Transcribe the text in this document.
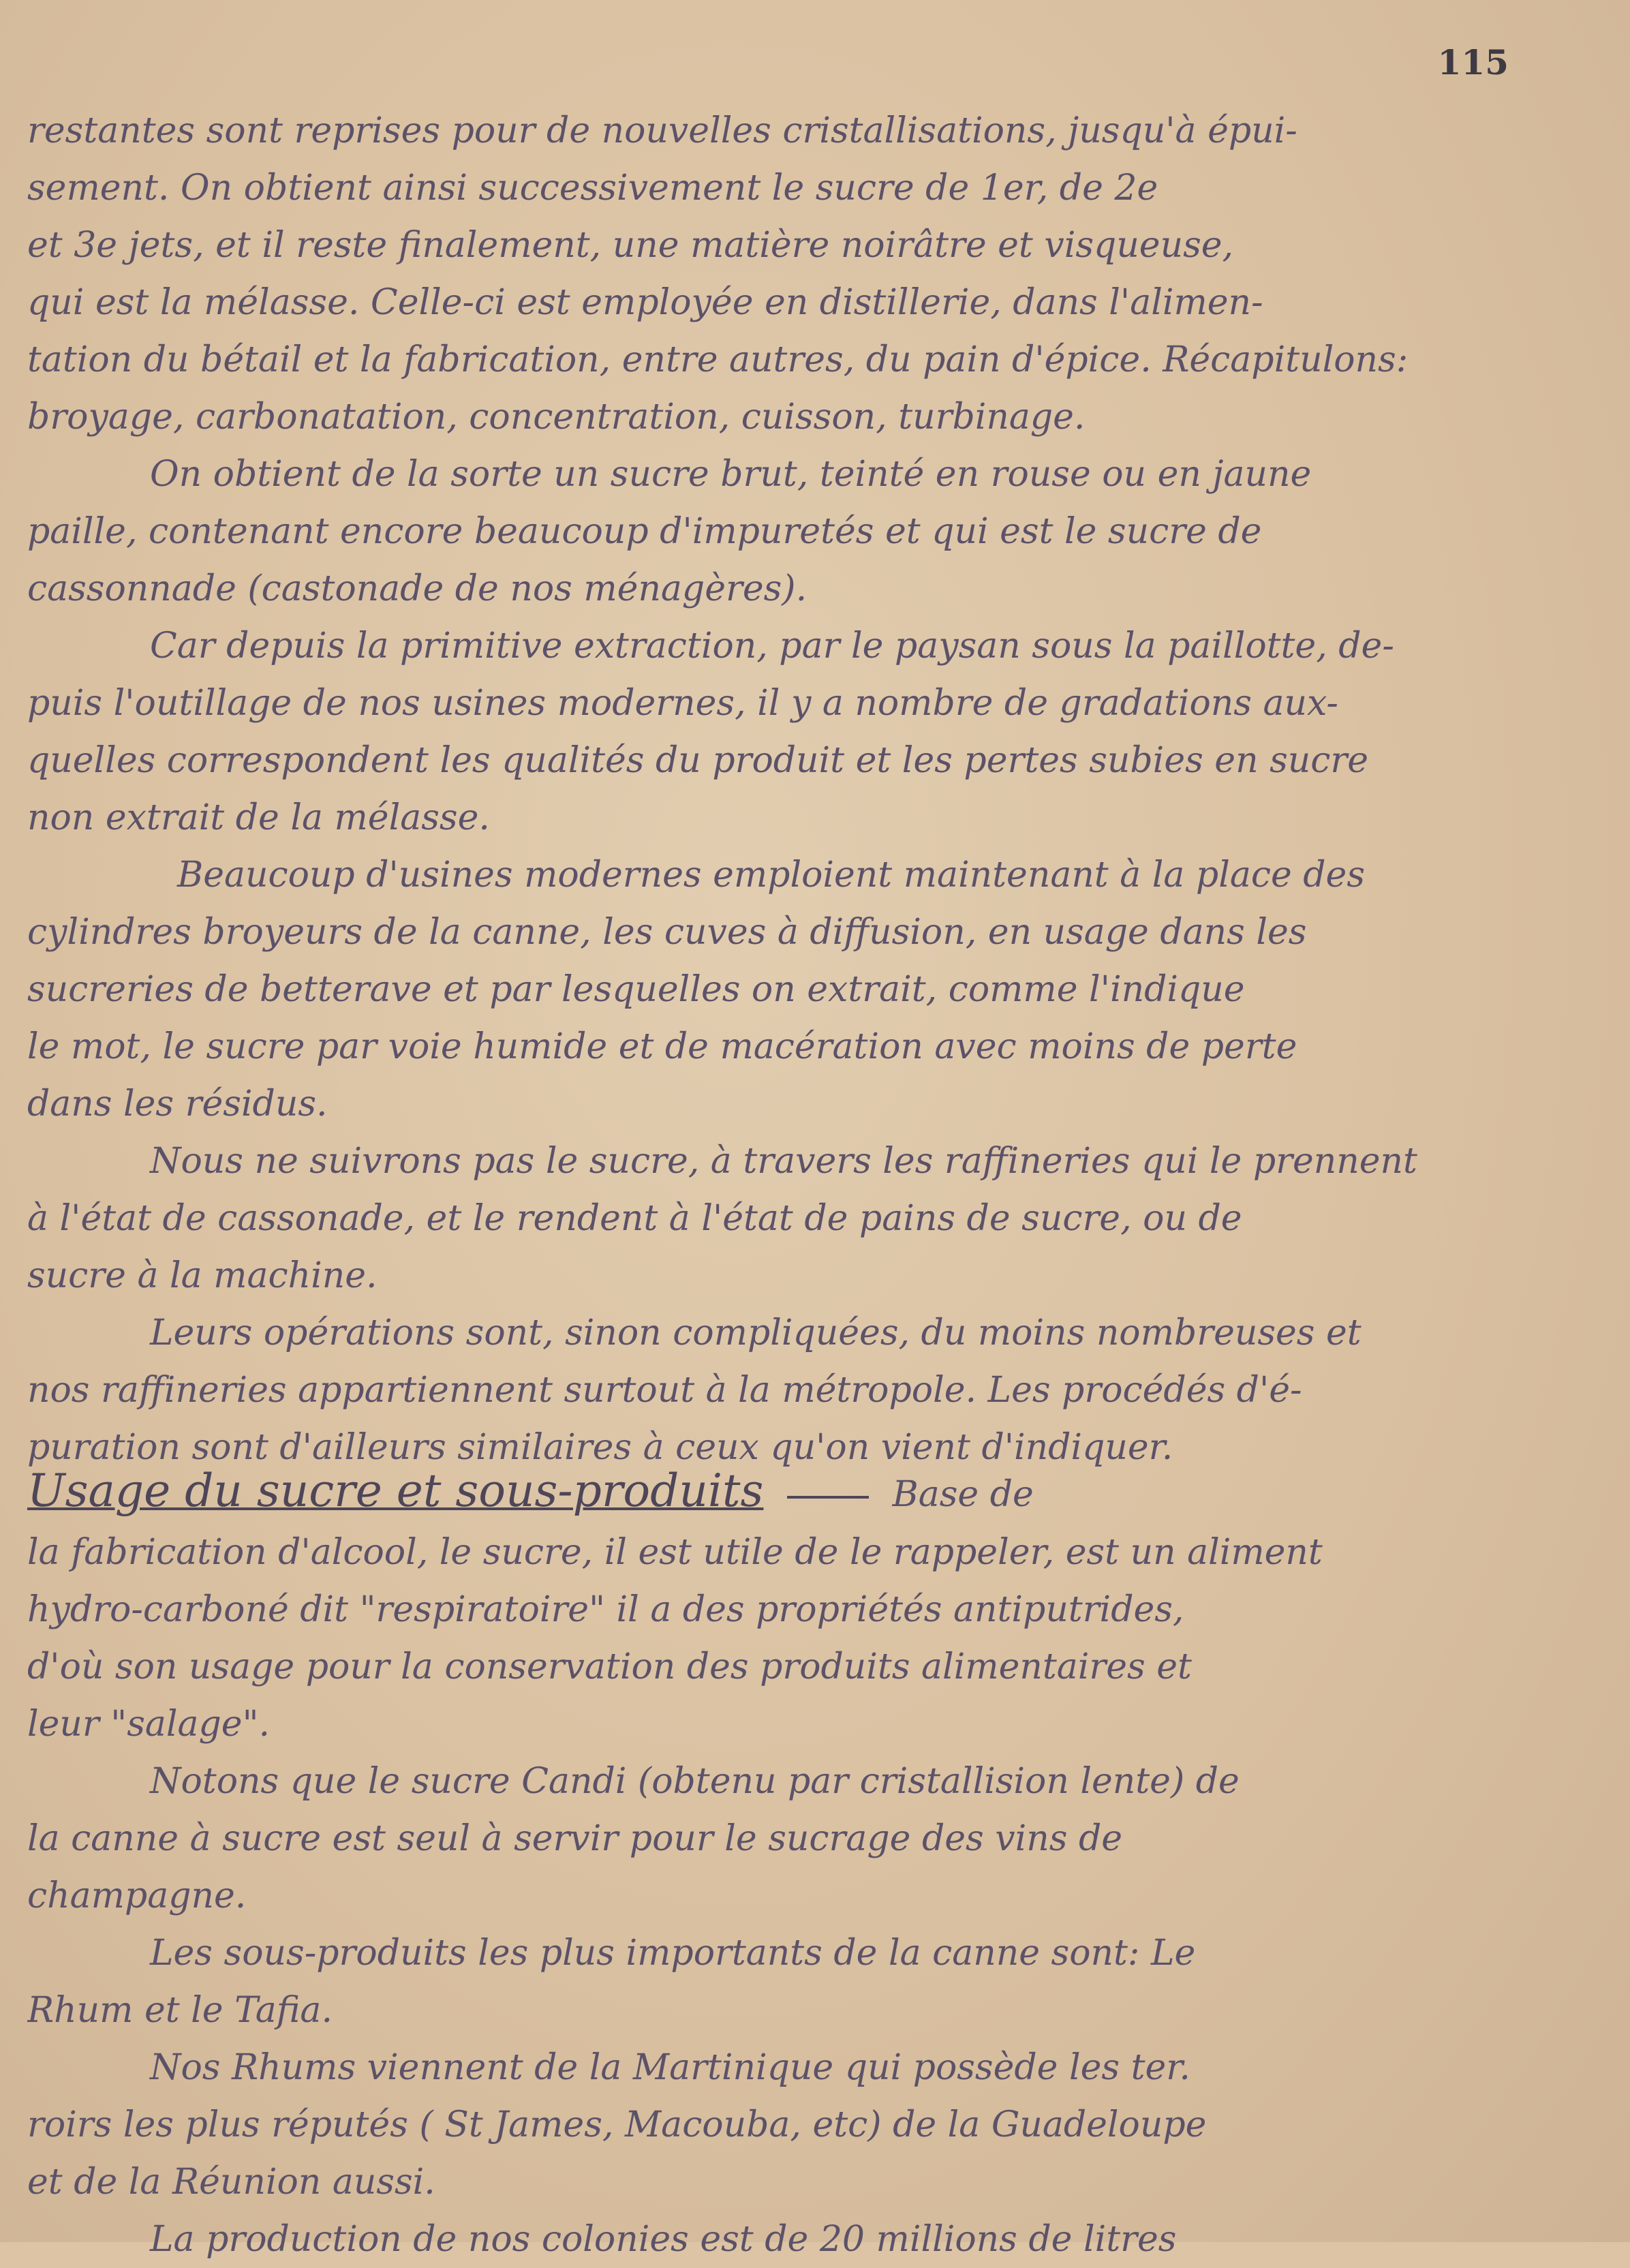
115
restantes sont reprises pour de nouvelles cristallisations, jusqu'à épui-
sement. On obtient ainsi successivement le sucre de 1er, de 2e
et 3e jets, et il reste finalement, une matière noirâtre et visqueuse,
qui est la mélasse. Celle-ci est employée en distillerie, dans l'alimen-
tation du bétail et la fabrication, entre autres, du pain d'épice. Récapitulons:
broyage, carbonatation, concentration, cuisson, turbinage.
On obtient de la sorte un sucre brut, teinté en rouse ou en jaune
paille, contenant encore beaucoup d'impuretés et qui est le sucre de
cassonnade (castonade de nos ménagères).
Car depuis la primitive extraction, par le paysan sous la paillotte, de-
puis l'outillage de nos usines modernes, il y a nombre de gradations aux-
quelles correspondent les qualités du produit et les pertes subies en sucre
non extrait de la mélasse.
Beaucoup d'usines modernes emploient maintenant à la place des
cylindres broyeurs de la canne, les cuves à diffusion, en usage dans les
sucreries de betterave et par lesquelles on extrait, comme l'indique
le mot, le sucre par voie humide et de macération avec moins de perte
dans les résidus.
Nous ne suivrons pas le sucre, à travers les raffineries qui le prennent
à l'état de cassonade, et le rendent à l'état de pains de sucre, ou de
sucre à la machine.
Leurs opérations sont, sinon compliquées, du moins nombreuses et
nos raffineries appartiennent surtout à la métropole. Les procédés d'é-
puration sont d'ailleurs similaires à ceux qu'on vient d'indiquer.
Usage du sucre et sous-produits	Base de
la fabrication d'alcool, le sucre, il est utile de le rappeler, est un aliment
hydro-carboné dit "respiratoire" il a des propriétés antiputrides,
d'où son usage pour la conservation des produits alimentaires et
leur "salage".
Notons que le sucre Candi (obtenu par cristallision lente) de
la canne à sucre est seul à servir pour le sucrage des vins de
champagne.
Les sous-produits les plus importants de la canne sont: Le
Rhum et le Tafia.
Nos Rhums viennent de la Martinique qui possède les ter.
roirs les plus réputés ( St James, Macouba, etc) de la Guadeloupe
et de la Réunion aussi.
La production de nos colonies est de 20 millions de litres
